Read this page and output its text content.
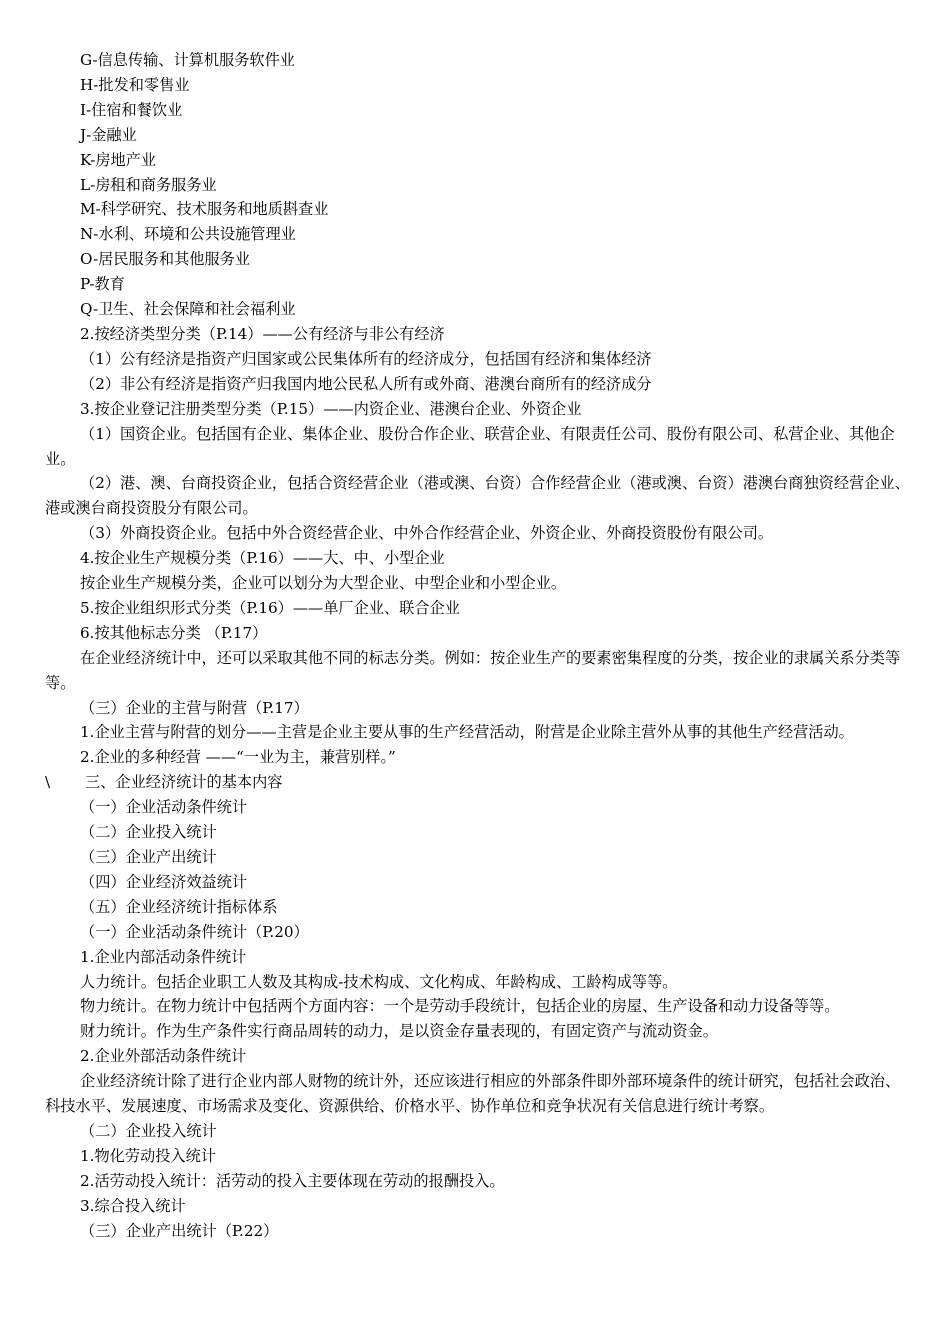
G-信息传输、计算机服务软件业

H-批发和零售业

I-住宿和餐饮业

J-金融业

K-房地产业

L-房租和商务服务业

M-科学研究、技术服务和地质斟查业

N-水利、环境和公共设施管理业

O-居民服务和其他服务业

P-教育

Q-卫生、社会保障和社会福利业

2.按经济类型分类（P.14）——公有经济与非公有经济

（1）公有经济是指资产归国家或公民集体所有的经济成分，包括国有经济和集体经济

（2）非公有经济是指资产归我国内地公民私人所有或外商、港澳台商所有的经济成分

3.按企业登记注册类型分类（P.15）——内资企业、港澳台企业、外资企业

（1）国资企业。包括国有企业、集体企业、股份合作企业、联营企业、有限责任公司、股份有限公司、私营企业、其他企业。

（2）港、澳、台商投资企业，包括合资经营企业（港或澳、台资）合作经营企业（港或澳、台资）港澳台商独资经营企业、港或澳台商投资股分有限公司。

（3）外商投资企业。包括中外合资经营企业、中外合作经营企业、外资企业、外商投资股份有限公司。

4.按企业生产规模分类（P.16）——大、中、小型企业

按企业生产规模分类，企业可以划分为大型企业、中型企业和小型企业。

5.按企业组织形式分类（P.16）——单厂企业、联合企业

6.按其他标志分类 （P.17）

在企业经济统计中，还可以采取其他不同的标志分类。例如：按企业生产的要素密集程度的分类，按企业的隶属关系分类等等。

（三）企业的主营与附营（P.17）

1.企业主营与附营的划分——主营是企业主要从事的生产经营活动，附营是企业除主营外从事的其他生产经营活动。

2.企业的多种经营 ——“一业为主，兼营别样。”

\ 三、企业经济统计的基本内容

（一）企业活动条件统计

（二）企业投入统计

（三）企业产出统计

（四）企业经济效益统计

（五）企业经济统计指标体系

（一）企业活动条件统计（P.20）

1.企业内部活动条件统计

人力统计。包括企业职工人数及其构成-技术构成、文化构成、年龄构成、工龄构成等等。

物力统计。在物力统计中包括两个方面内容：一个是劳动手段统计，包括企业的房屋、生产设备和动力设备等等。

财力统计。作为生产条件实行商品周转的动力，是以资金存量表现的，有固定资产与流动资金。

2.企业外部活动条件统计

企业经济统计除了进行企业内部人财物的统计外，还应该进行相应的外部条件即外部环境条件的统计研究，包括社会政治、科技水平、发展速度、市场需求及变化、资源供给、价格水平、协作单位和竞争状况有关信息进行统计考察。

（二）企业投入统计

1.物化劳动投入统计

2.活劳动投入统计：活劳动的投入主要体现在劳动的报酬投入。

3.综合投入统计

（三）企业产出统计（P.22）
